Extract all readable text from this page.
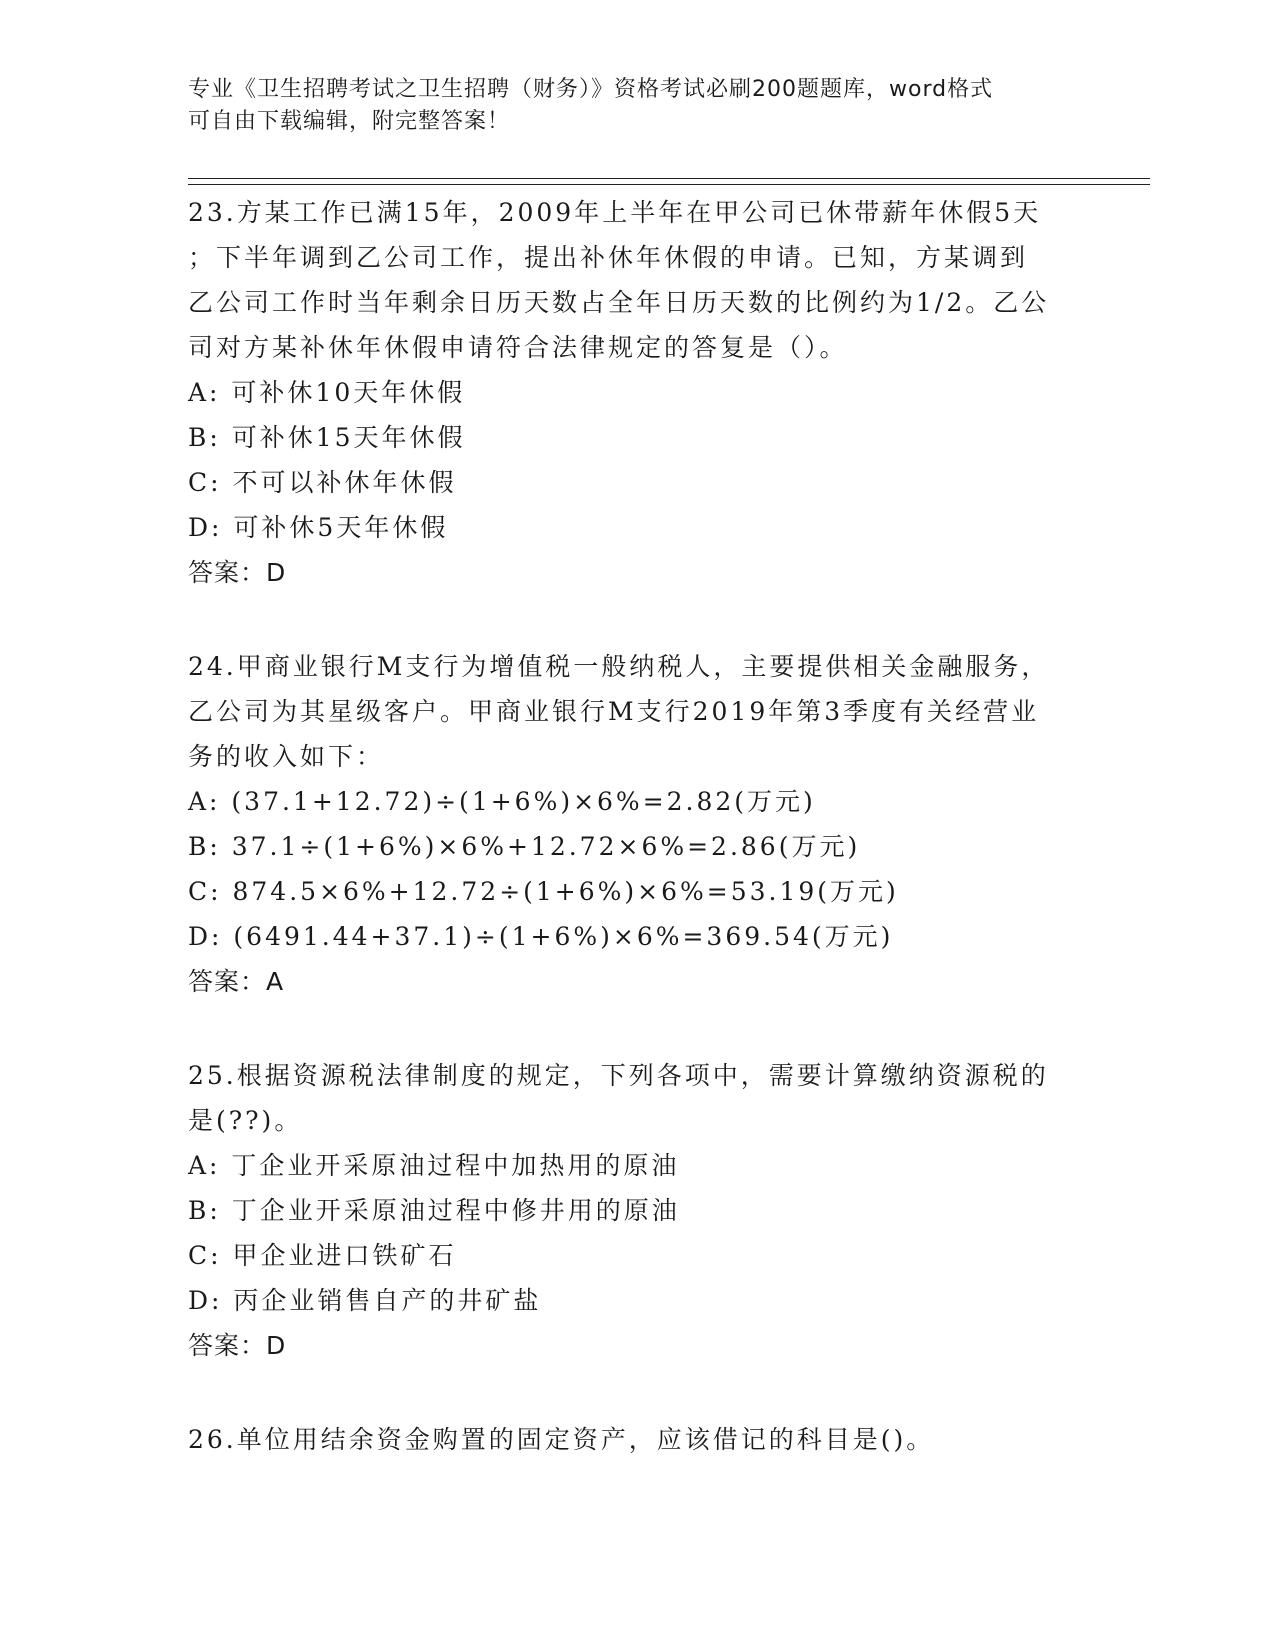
专业《卫生招聘考试之卫生招聘（财务）》资格考试必刷200题题库，word格式
可自由下载编辑，附完整答案！
23.方某工作已满15年，2009年上半年在甲公司已休带薪年休假5天
；下半年调到乙公司工作，提出补休年休假的申请。已知，方某调到
乙公司工作时当年剩余日历天数占全年日历天数的比例约为1/2。乙公
司对方某补休年休假申请符合法律规定的答复是（）。
A: 可补休10天年休假
B: 可补休15天年休假
C: 不可以补休年休假
D: 可补休5天年休假
答案：D
24.甲商业银行M支行为增值税一般纳税人，主要提供相关金融服务，
乙公司为其星级客户。甲商业银行M支行2019年第3季度有关经营业
务的收入如下：
A: (37.1+12.72)÷(1+6%)×6%=2.82(万元)
B: 37.1÷(1+6%)×6%+12.72×6%=2.86(万元)
C: 874.5×6%+12.72÷(1+6%)×6%=53.19(万元)
D: (6491.44+37.1)÷(1+6%)×6%=369.54(万元)
答案：A
25.根据资源税法律制度的规定，下列各项中，需要计算缴纳资源税的
是(??)。
A: 丁企业开采原油过程中加热用的原油
B: 丁企业开采原油过程中修井用的原油
C: 甲企业进口铁矿石
D: 丙企业销售自产的井矿盐
答案：D
26.单位用结余资金购置的固定资产，应该借记的科目是()。
